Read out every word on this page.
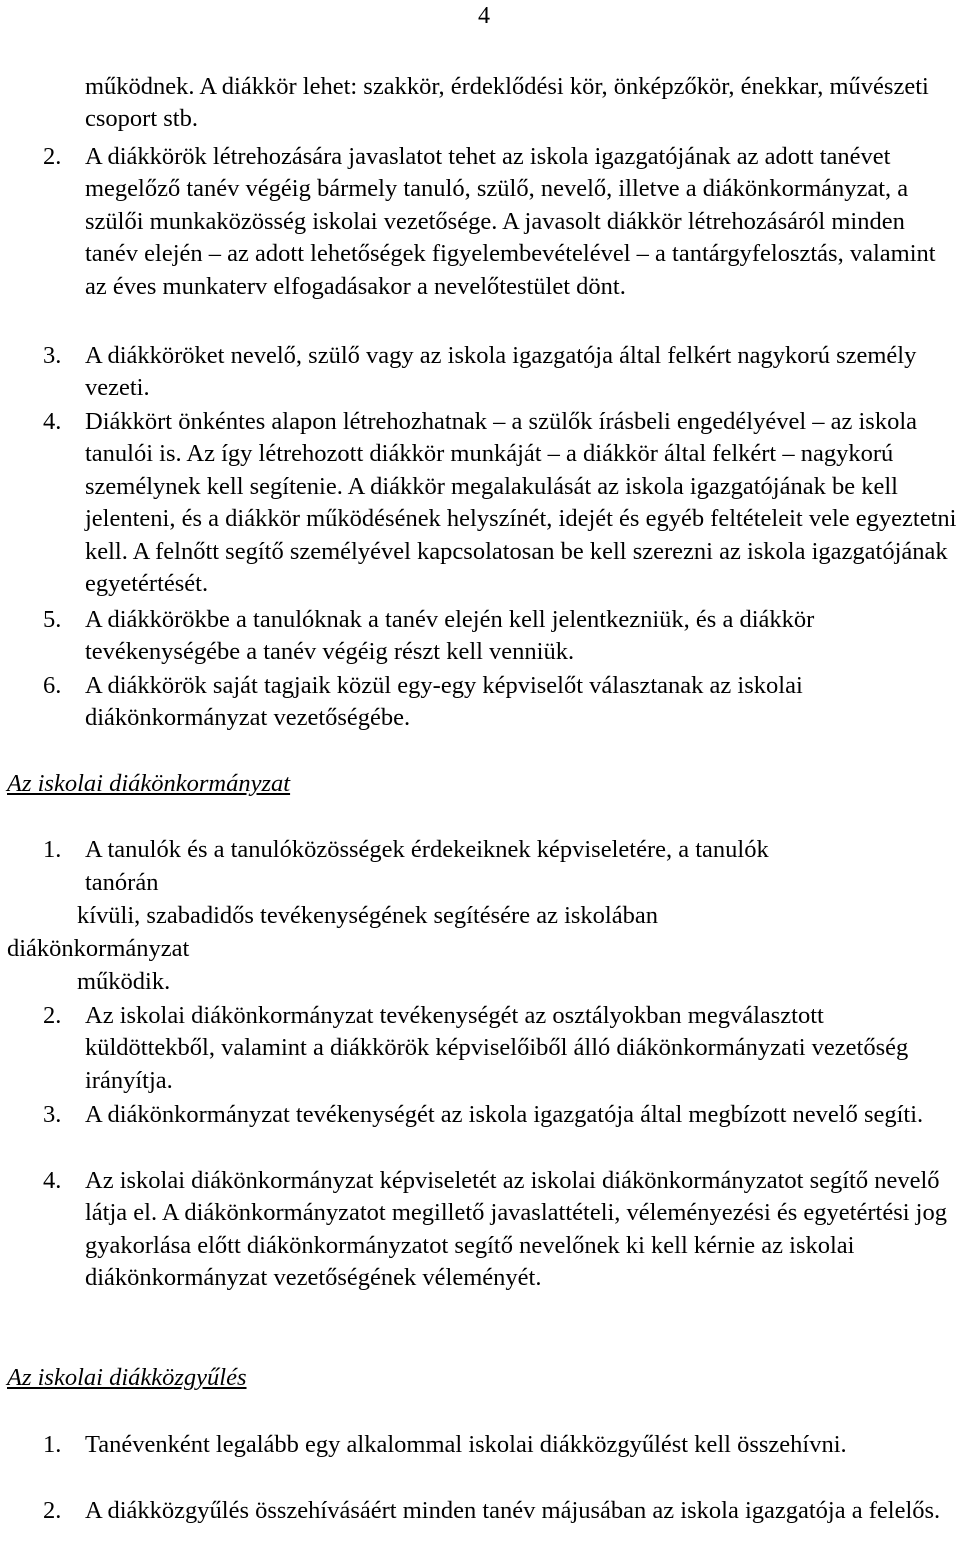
4
működnek. A diákkör lehet: szakkör, érdeklődési kör, önképzőkör, énekkar, művészeti csoport stb.
2. A diákkörök létrehozására javaslatot tehet az iskola igazgatójának az adott tanévet megelőző tanév végéig bármely tanuló, szülő, nevelő, illetve a diákönkormányzat, a szülői munkaközösség iskolai vezetősége. A javasolt diákkör létrehozásáról minden tanév elején – az adott lehetőségek figyelembevételével – a tantárgyfelosztás, valamint az éves munkaterv elfogadásakor a nevelőtestület dönt.
3. A diákköröket nevelő, szülő vagy az iskola igazgatója által felkért nagykorú személy vezeti.
4. Diákkört önkéntes alapon létrehozhatnak – a szülők írásbeli engedélyével – az iskola tanulói is. Az így létrehozott diákkör munkáját – a diákkör által felkért – nagykorú személynek kell segítenie. A diákkör megalakulását az iskola igazgatójának be kell jelenteni, és a diákkör működésének helyszínét, idejét és egyéb feltételeit vele egyeztetni kell. A felnőtt segítő személyével kapcsolatosan be kell szerezni az iskola igazgatójának egyetértését.
5. A diákkörökbe a tanulóknak a tanév elején kell jelentkezniük, és a diákkör tevékenységébe a tanév végéig részt kell venniük.
6. A diákkörök saját tagjaik közül egy-egy képviselőt választanak az iskolai diákönkormányzat vezetőségébe.
Az iskolai diákönkormányzat
1. A tanulók és a tanulóközösségek érdekeiknek képviseletére, a tanulók
tanórán
kívüli, szabadidős tevékenységének segítésére az iskolában
diákönkormányzat
működik.
2. Az iskolai diákönkormányzat tevékenységét az osztályokban megválasztott küldöttekből, valamint a diákkörök képviselőiből álló diákönkormányzati vezetőség irányítja.
3. A diákönkormányzat tevékenységét az iskola igazgatója által megbízott nevelő segíti.
4. Az iskolai diákönkormányzat képviseletét az iskolai diákönkormányzatot segítő nevelő látja el. A diákönkormányzatot megillető javaslattételi, véleményezési és egyetértési jog gyakorlása előtt diákönkormányzatot segítő nevelőnek ki kell kérnie az iskolai diákönkormányzat vezetőségének véleményét.
Az iskolai diákközgyűlés
1. Tanévenként legalább egy alkalommal iskolai diákközgyűlést kell összehívni.
2. A diákközgyűlés összehívásáért minden tanév májusában az iskola igazgatója a felelős.
